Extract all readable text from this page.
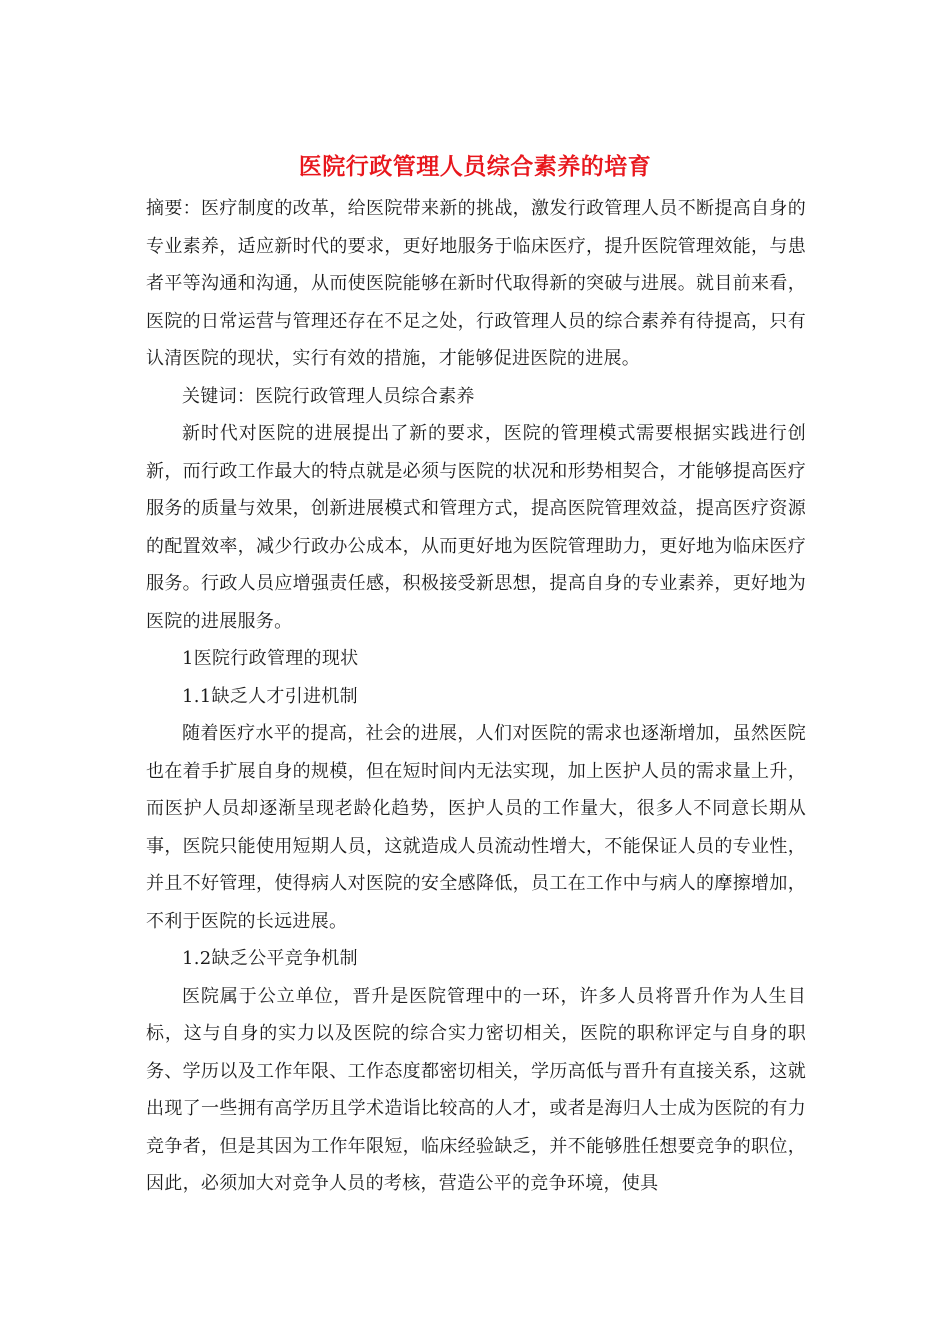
医院行政管理人员综合素养的培育

摘要：医疗制度的改革，给医院带来新的挑战，激发行政管理人员不断提高自身的专业素养，适应新时代的要求，更好地服务于临床医疗，提升医院管理效能，与患者平等沟通和沟通，从而使医院能够在新时代取得新的突破与进展。就目前来看，医院的日常运营与管理还存在不足之处，行政管理人员的综合素养有待提高，只有认清医院的现状，实行有效的措施，才能够促进医院的进展。

关键词：医院行政管理人员综合素养

新时代对医院的进展提出了新的要求，医院的管理模式需要根据实践进行创新，而行政工作最大的特点就是必须与医院的状况和形势相契合，才能够提高医疗服务的质量与效果，创新进展模式和管理方式，提高医院管理效益，提高医疗资源的配置效率，减少行政办公成本，从而更好地为医院管理助力，更好地为临床医疗服务。行政人员应增强责任感，积极接受新思想，提高自身的专业素养，更好地为医院的进展服务。

1医院行政管理的现状

1.1缺乏人才引进机制

随着医疗水平的提高，社会的进展，人们对医院的需求也逐渐增加，虽然医院也在着手扩展自身的规模，但在短时间内无法实现，加上医护人员的需求量上升，而医护人员却逐渐呈现老龄化趋势，医护人员的工作量大，很多人不同意长期从事，医院只能使用短期人员，这就造成人员流动性增大，不能保证人员的专业性，并且不好管理，使得病人对医院的安全感降低，员工在工作中与病人的摩擦增加，不利于医院的长远进展。

1.2缺乏公平竞争机制

医院属于公立单位，晋升是医院管理中的一环，许多人员将晋升作为人生目标，这与自身的实力以及医院的综合实力密切相关，医院的职称评定与自身的职务、学历以及工作年限、工作态度都密切相关，学历高低与晋升有直接关系，这就出现了一些拥有高学历且学术造诣比较高的人才，或者是海归人士成为医院的有力竞争者，但是其因为工作年限短，临床经验缺乏，并不能够胜任想要竞争的职位，因此，必须加大对竞争人员的考核，营造公平的竞争环境，使具
